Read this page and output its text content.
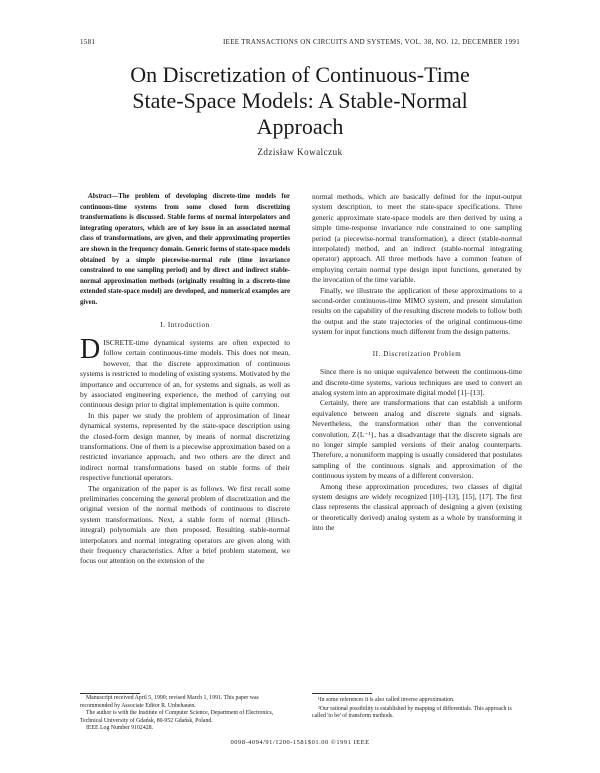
1581	IEEE TRANSACTIONS ON CIRCUITS AND SYSTEMS, VOL. 38, NO. 12, DECEMBER 1991
On Discretization of Continuous-Time
State-Space Models: A Stable-Normal
Approach
Zdzisław Kowalczuk

Abstract—The problem of developing discrete-time models for continuous-time systems from some closed form discretizing transformations is discussed. Stable forms of normal interpolators and integrating operators, which are of key issue in an associated normal class of transformations, are given, and their approximating properties are shown in the frequency domain. Generic forms of state-space models obtained by a simple piecewise-normal rule (time invariance constrained to one sampling period) and by direct and indirect stable-normal approximation methods (originally resulting in a discrete-time extended state-space model) are developed, and numerical examples are given.

I. Introduction

DISCRETE-time dynamical systems are often expected to follow certain continuous-time models. This does not mean, however, that the discrete approximation of continuous systems is restricted to modeling of existing systems. Motivated by the importance and occurrence of an, for systems and signals, as well as by associated engineering experience, the method of carrying out continuous design prior to digital implementation is quite common.

In this paper we study the problem of approximation of linear dynamical systems, represented by the state-space description using the closed-form design manner, by means of normal discretizing transformations. One of them is a piecewise approximation based on a restricted invariance approach, and two others are the direct and indirect normal transformations based on stable forms of their respective functional operators.

The organization of the paper is as follows. We first recall some preliminaries concerning the general problem of discretization and the original version of the normal methods of continuous to discrete system transformations. Next, a stable form of normal (Hirsch-integral) polynomials are then proposed. Resulting stable-normal interpolators and normal integrating operators are given along with their frequency characteristics. After a brief problem statement, we focus our attention on the extension of the

normal methods, which are basically defined for the input-output system description, to meet the state-space specifications. Three generic approximate state-space models are then derived by using a simple time-response invariance rule constrained to one sampling period (a piecewise-normal transformation), a direct (stable-normal interpolated) method, and an indirect (stable-normal integrating operator) approach. All three methods have a common feature of employing certain normal type design input functions, generated by the invocation of the time variable.

Finally, we illustrate the application of these approximations to a second-order continuous-time MIMO system, and present simulation results on the capability of the resulting discrete models to follow both the output and the state trajectories of the original continuous-time system for input functions much different from the design patterns.

II. Discretization Problem

Since there is no unique equivalence between the continuous-time and discrete-time systems, various techniques are used to convert an analog system into an approximate digital model [1]–[13].

Certainly, there are transformations that can establish a uniform equivalence between analog and discrete signals and signals. Nevertheless, the transformation other than the conventional convolution, Z{L⁻¹}, has a disadvantage that the discrete signals are no longer simple sampled versions of their analog counterparts. Therefore, a nonuniform mapping is usually considered that postulates sampling of the continuous signals and approximation of the continuous system by means of a different conversion.

Among these approximation procedures, two classes of digital system designs are widely recognized [10]–[13], [15], [17]. The first class represents the classical approach of designing a given (existing or theoretically derived) analog system as a whole by transforming it into the

Manuscript received April 5, 1990; revised March 1, 1991. This paper was recommended by Associate Editor R. Unbehauen.

The author is with the Institute of Computer Science, Department of Electronics, Technical University of Gdańsk, 80-952 Gdańsk, Poland.

IEEE Log Number 9102428.

¹In some references it is also called inverse approximation.

²Our rational possibility is established by mapping of differentials. This approach is called 'to be' of transform methods.

0098-4094/91/1200-1581$01.00 ©1991 IEEE
